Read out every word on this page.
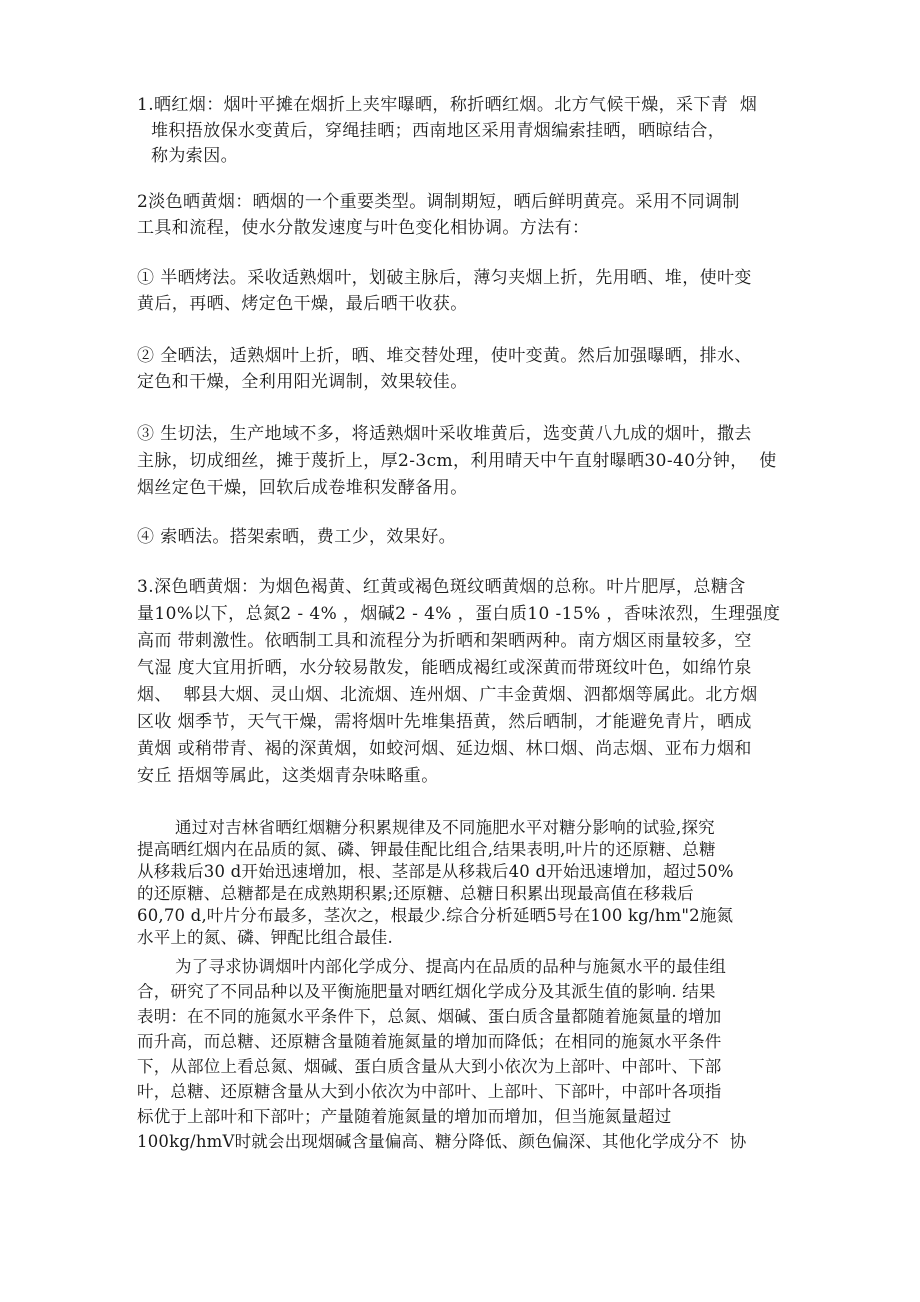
1.晒红烟：烟叶平摊在烟折上夹牢曝晒，称折晒红烟。北方气候干燥，采下青  烟
堆积捂放保水变黄后，穿绳挂晒；西南地区采用青烟编索挂晒，晒晾结合，
称为索因。
2淡色晒黄烟：晒烟的一个重要类型。调制期短，晒后鲜明黄亮。采用不同调制
工具和流程，使水分散发速度与叶色变化相协调。方法有：
① 半晒烤法。采收适熟烟叶，划破主脉后，薄匀夹烟上折，先用晒、堆，使叶变
黄后，再晒、烤定色干燥，最后晒干收获。
② 全晒法，适熟烟叶上折，晒、堆交替处理，使叶变黄。然后加强曝晒，排水、
定色和干燥，全利用阳光调制，效果较佳。
③ 生切法，生产地域不多，将适熟烟叶采收堆黄后，选变黄八九成的烟叶，撒去
主脉，切成细丝，摊于蔑折上，厚2-3cm，利用晴天中午直射曝晒30-40分钟，  使
烟丝定色干燥，回软后成卷堆积发酵备用。
④ 索晒法。搭架索晒，费工少，效果好。
3.深色晒黄烟：为烟色褐黄、红黄或褐色斑纹晒黄烟的总称。叶片肥厚，总糖含
量10%以下，总氮2 - 4% ，烟碱2 - 4% ，蛋白质10 -15% ，香味浓烈，生理强度
高而 带刺激性。依晒制工具和流程分为折晒和架晒两种。南方烟区雨量较多，空
气湿 度大宜用折晒，水分较易散发，能晒成褐红或深黄而带斑纹叶色，如绵竹泉
烟、  郫县大烟、灵山烟、北流烟、连州烟、广丰金黄烟、泗都烟等属此。北方烟
区收 烟季节，天气干燥，需将烟叶先堆集捂黄，然后晒制，才能避免青片，晒成
黄烟 或稍带青、褐的深黄烟，如蛟河烟、延边烟、林口烟、尚志烟、亚布力烟和
安丘 捂烟等属此，这类烟青杂味略重。
通过对吉林省晒红烟糖分积累规律及不同施肥水平对糖分影响的试验,探究
提高晒红烟内在品质的氮、磷、钾最佳配比组合,结果表明,叶片的还原糖、总糖
从移栽后30 d开始迅速增加，根、茎部是从移栽后40 d开始迅速增加，超过50%
的还原糖、总糖都是在成熟期积累;还原糖、总糖日积累出现最高值在移栽后
60,70 d,叶片分布最多，茎次之，根最少.综合分析延晒5号在100 kg/hm"2施氮
水平上的氮、磷、钾配比组合最佳.
为了寻求协调烟叶内部化学成分、提高内在品质的品种与施氮水平的最佳组
合，研究了不同品种以及平衡施肥量对晒红烟化学成分及其派生值的影响. 结果
表明：在不同的施氮水平条件下，总氮、烟碱、蛋白质含量都随着施氮量的增加
而升高，而总糖、还原糖含量随着施氮量的增加而降低；在相同的施氮水平条件
下，从部位上看总氮、烟碱、蛋白质含量从大到小依次为上部叶、中部叶、下部
叶，总糖、还原糖含量从大到小依次为中部叶、上部叶、下部叶，中部叶各项指
标优于上部叶和下部叶；产量随着施氮量的增加而增加，但当施氮量超过
100kg/hmV时就会出现烟碱含量偏高、糖分降低、颜色偏深、其他化学成分不  协
